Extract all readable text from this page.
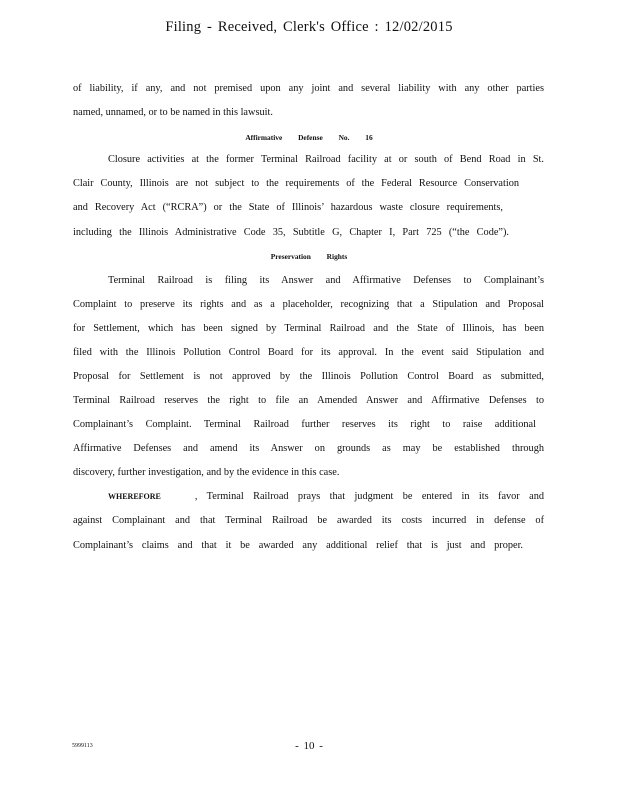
Filing - Received, Clerk's Office : 12/02/2015
of liability, if any, and not premised upon any joint and several liability with any other parties
named, unnamed, or to be named in this lawsuit.
Affirmative Defense No. 16
Closure activities at the former Terminal Railroad facility at or south of Bend Road in St.
Clair County, Illinois are not subject to the requirements of the Federal Resource Conservation
and Recovery Act (“RCRA”) or the State of Illinois’ hazardous waste closure requirements,
including the Illinois Administrative Code 35, Subtitle G, Chapter I, Part 725 (“the Code”).
Preservation Rights
Terminal Railroad is filing its Answer and Affirmative Defenses to Complainant’s
Complaint to preserve its rights and as a placeholder, recognizing that a Stipulation and Proposal
for Settlement, which has been signed by Terminal Railroad and the State of Illinois, has been
filed with the Illinois Pollution Control Board for its approval. In the event said Stipulation and
Proposal for Settlement is not approved by the Illinois Pollution Control Board as submitted,
Terminal Railroad reserves the right to file an Amended Answer and Affirmative Defenses to
Complainant’s Complaint. Terminal Railroad further reserves its right to raise additional
Affirmative Defenses and amend its Answer on grounds as may be established through
discovery, further investigation, and by the evidence in this case.
WHEREFORE	, Terminal Railroad prays that judgment be entered in its favor and
against Complainant and that Terminal Railroad be awarded its costs incurred in defense of
Complainant’s claims and that it be awarded any additional relief that is just and proper.
5999113	- 10 -
